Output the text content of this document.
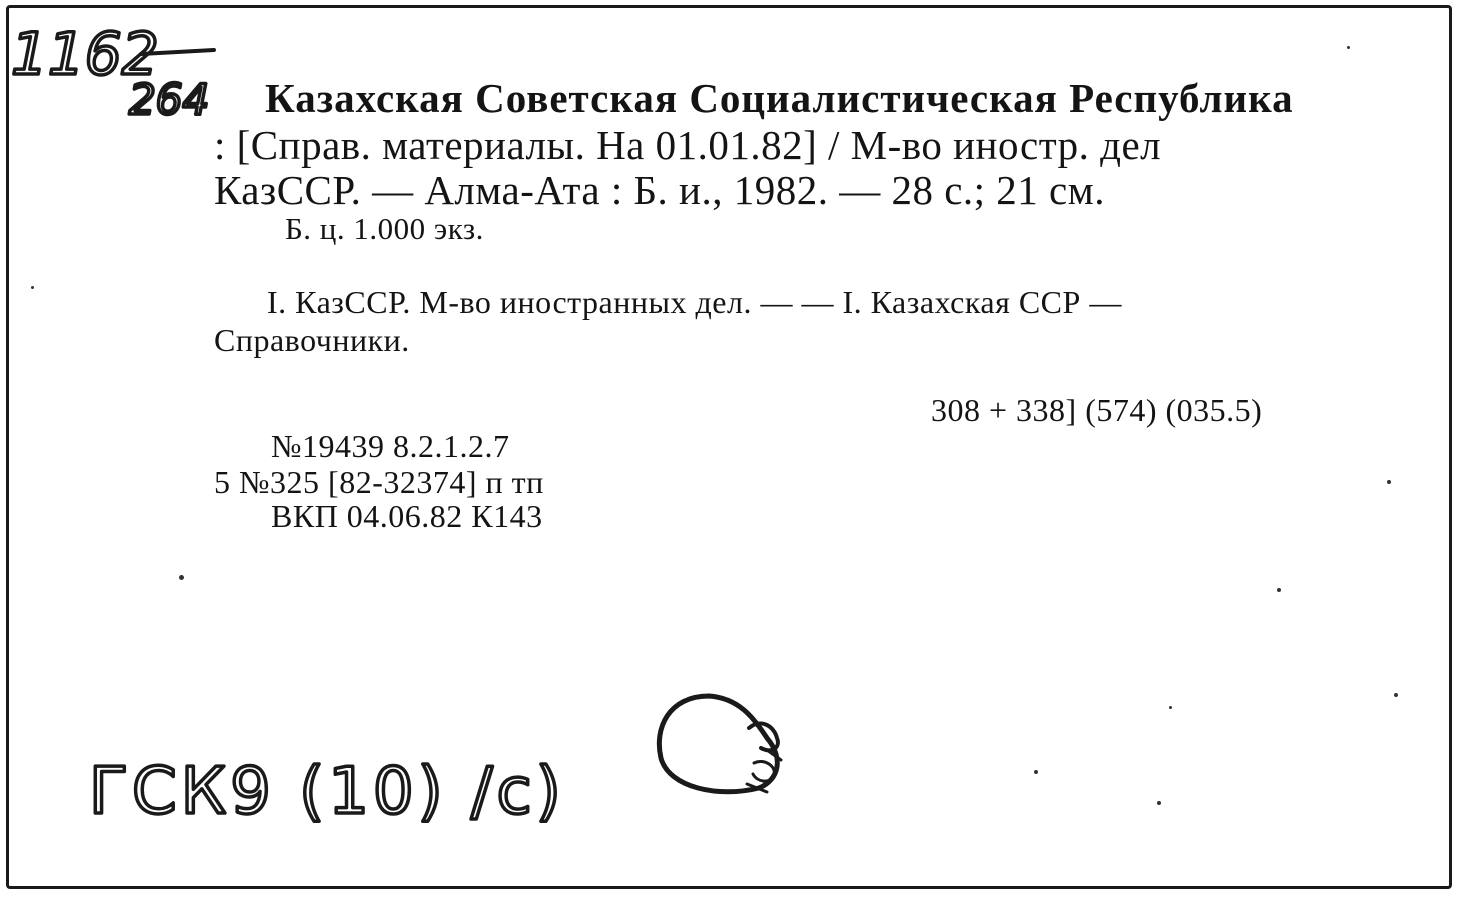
1162
264 Казахская Советская Социалистическая Республика

: [Справ. материалы. На 01.01.82] / М-во иностр. дел

КазССР. — Алма-Ата : Б. и., 1982. — 28 с.; 21 см.

Б. ц. 1.000 экз.

I. КазССР. М-во иностранных дел. — — I. Казахская ССР —

Справочники.

308 + 338] (574) (035.5)

№19439 8.2.1.2.7

5 №325 [82-32374] п тп

ВКП 04.06.82 К143

ГСК9 (10) /с)
